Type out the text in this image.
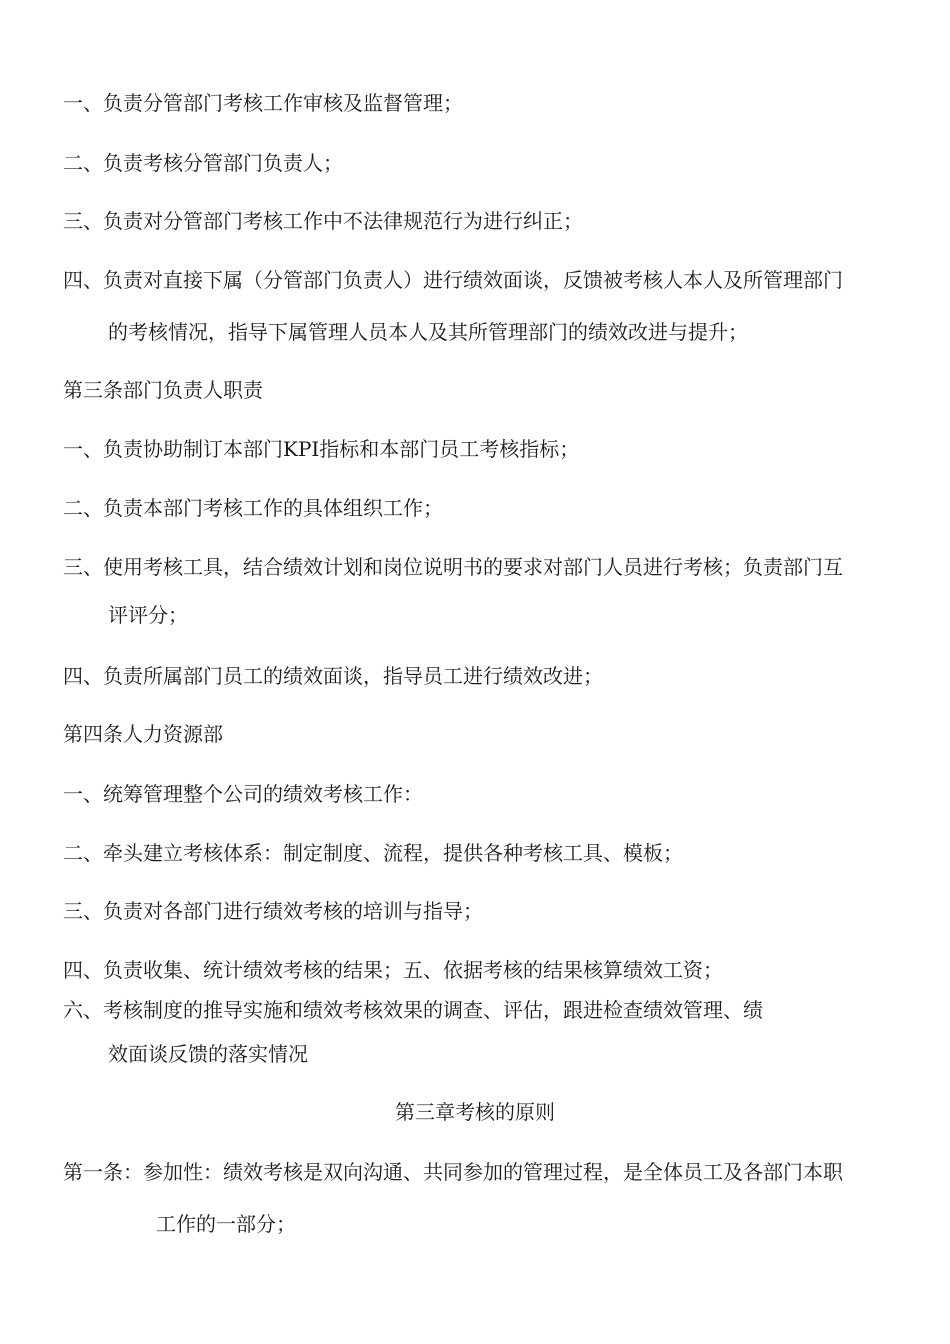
一、负责分管部门考核工作审核及监督管理；

二、负责考核分管部门负责人；

三、负责对分管部门考核工作中不法律规范行为进行纠正；

四、负责对直接下属（分管部门负责人）进行绩效面谈，反馈被考核人本人及所管理部门

的考核情况，指导下属管理人员本人及其所管理部门的绩效改进与提升；

第三条部门负责人职责

一、负责协助制订本部门KPI指标和本部门员工考核指标；

二、负责本部门考核工作的具体组织工作；

三、使用考核工具，结合绩效计划和岗位说明书的要求对部门人员进行考核；负责部门互

评评分；

四、负责所属部门员工的绩效面谈，指导员工进行绩效改进；

第四条人力资源部

一、统筹管理整个公司的绩效考核工作：

二、牵头建立考核体系：制定制度、流程，提供各种考核工具、模板；

三、负责对各部门进行绩效考核的培训与指导；

四、负责收集、统计绩效考核的结果；五、依据考核的结果核算绩效工资；

六、考核制度的推导实施和绩效考核效果的调查、评估，跟进检查绩效管理、绩

效面谈反馈的落实情况

第三章考核的原则

第一条：参加性：绩效考核是双向沟通、共同参加的管理过程，是全体员工及各部门本职

工作的一部分；
